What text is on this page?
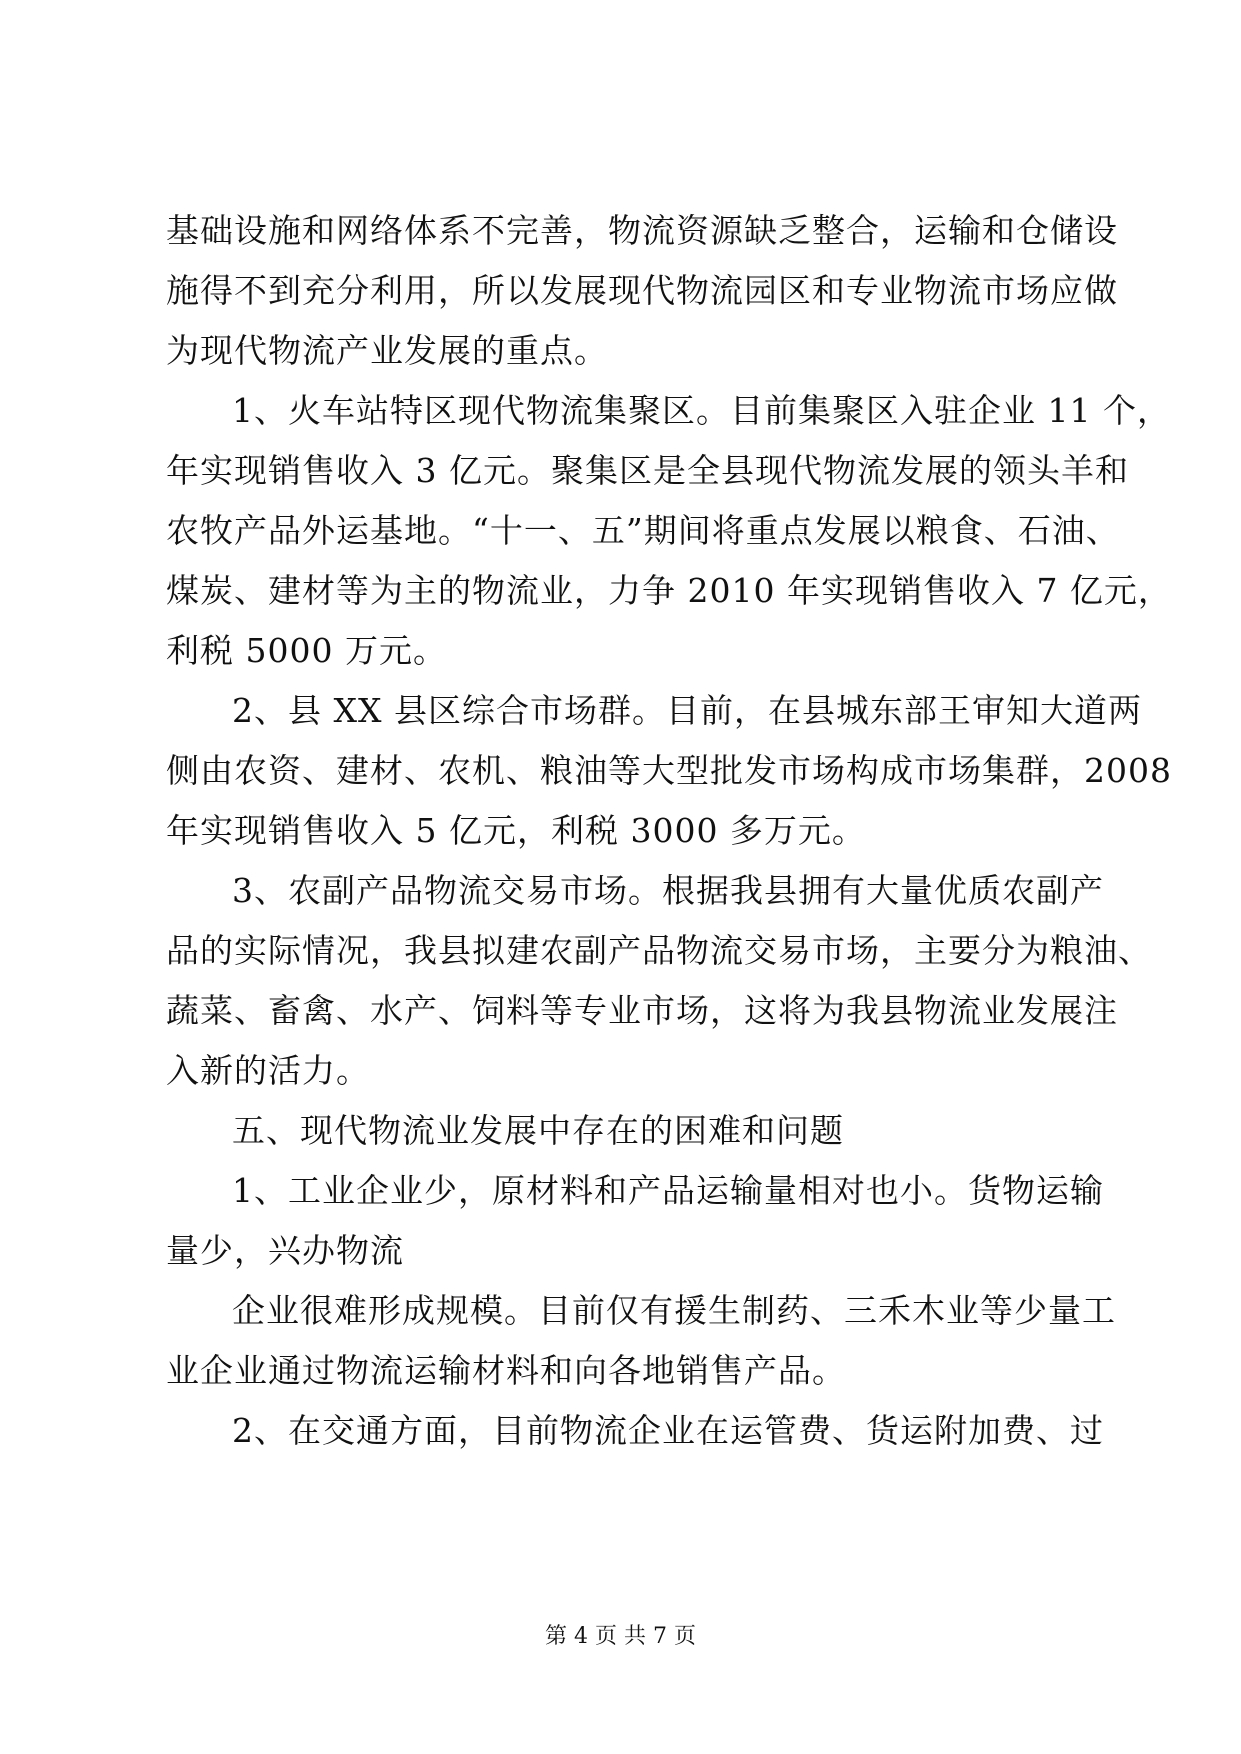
基础设施和网络体系不完善，物流资源缺乏整合，运输和仓储设
施得不到充分利用，所以发展现代物流园区和专业物流市场应做
为现代物流产业发展的重点。
1、火车站特区现代物流集聚区。目前集聚区入驻企业 11 个，
年实现销售收入 3 亿元。聚集区是全县现代物流发展的领头羊和
农牧产品外运基地。“十一、五”期间将重点发展以粮食、石油、
煤炭、建材等为主的物流业，力争 2010 年实现销售收入 7 亿元，
利税 5000 万元。
2、县 XX 县区综合市场群。目前，在县城东部王审知大道两
侧由农资、建材、农机、粮油等大型批发市场构成市场集群，2008
年实现销售收入 5 亿元，利税 3000 多万元。
3、农副产品物流交易市场。根据我县拥有大量优质农副产
品的实际情况，我县拟建农副产品物流交易市场，主要分为粮油、
蔬菜、畜禽、水产、饲料等专业市场，这将为我县物流业发展注
入新的活力。
五、现代物流业发展中存在的困难和问题
1、工业企业少，原材料和产品运输量相对也小。货物运输
量少，兴办物流
企业很难形成规模。目前仅有援生制药、三禾木业等少量工
业企业通过物流运输材料和向各地销售产品。
2、在交通方面，目前物流企业在运管费、货运附加费、过
第 4 页 共 7 页
